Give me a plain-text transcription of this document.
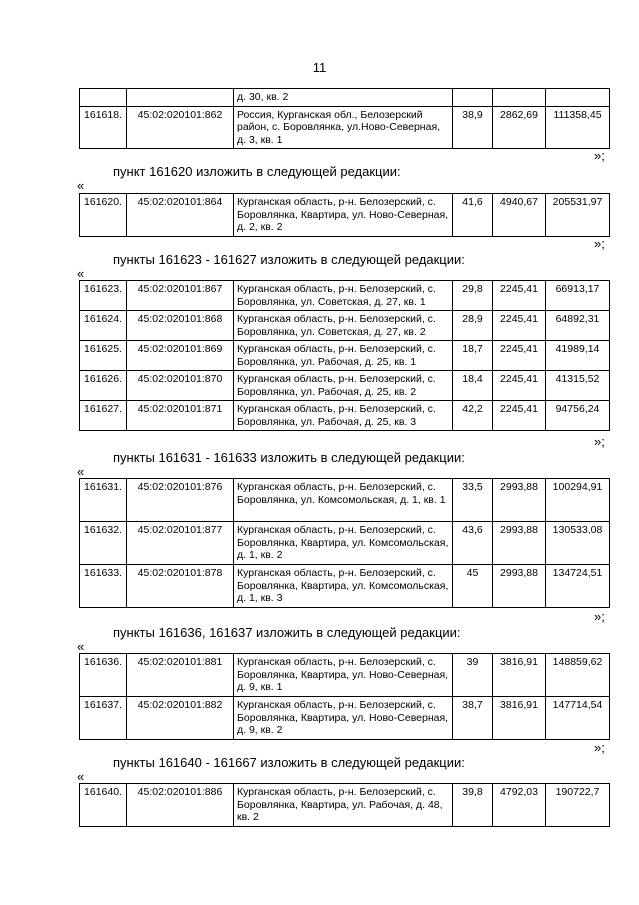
11
		д. 30, кв. 2			
161618.	45:02:020101:862	Россия, Курганская обл., Белозерский район, с. Боровлянка, ул.Ново-Северная, д. 3, кв. 1	38,9	2862,69	111358,45
»;
пункт 161620 изложить в следующей редакции:
«
161620.	45:02:020101:864	Курганская область, р-н. Белозерский, с. Боровлянка, Квартира, ул. Ново-Северная, д. 2, кв. 2	41,6	4940,67	205531,97
»;
пункты 161623 - 161627 изложить в следующей редакции:
«
161623.	45:02:020101:867	Курганская область, р-н. Белозерский, с. Боровлянка, ул. Советская, д. 27, кв. 1	29,8	2245,41	66913,17
161624.	45:02:020101:868	Курганская область, р-н. Белозерский, с. Боровлянка, ул. Советская, д. 27, кв. 2	28,9	2245,41	64892,31
161625.	45:02:020101:869	Курганская область, р-н. Белозерский, с. Боровлянка, ул. Рабочая, д. 25, кв. 1	18,7	2245,41	41989,14
161626.	45:02:020101:870	Курганская область, р-н. Белозерский, с. Боровлянка, ул. Рабочая, д. 25, кв. 2	18,4	2245,41	41315,52
161627.	45:02:020101:871	Курганская область, р-н. Белозерский, с. Боровлянка, ул. Рабочая, д. 25, кв. 3	42,2	2245,41	94756,24
»;
пункты 161631 - 161633 изложить в следующей редакции:
«
161631.	45:02:020101:876	Курганская область, р-н. Белозерский, с. Боровлянка, ул. Комсомольская, д. 1, кв. 1	33,5	2993,88	100294,91
161632.	45:02:020101:877	Курганская область, р-н. Белозерский, с. Боровлянка, Квартира, ул. Комсомольская, д. 1, кв. 2	43,6	2993,88	130533,08
161633.	45:02:020101:878	Курганская область, р-н. Белозерский, с. Боровлянка, Квартира, ул. Комсомольская, д. 1, кв. 3	45	2993,88	134724,51
»;
пункты 161636, 161637 изложить в следующей редакции:
«
161636.	45:02:020101:881	Курганская область, р-н. Белозерский, с. Боровлянка, Квартира, ул. Ново-Северная, д. 9, кв. 1	39	3816,91	148859,62
161637.	45:02:020101:882	Курганская область, р-н. Белозерский, с. Боровлянка, Квартира, ул. Ново-Северная, д. 9, кв. 2	38,7	3816,91	147714,54
»;
пункты 161640 - 161667 изложить в следующей редакции:
«
161640.	45:02:020101:886	Курганская область, р-н. Белозерский, с. Боровлянка, Квартира, ул. Рабочая, д. 48, кв. 2	39,8	4792,03	190722,7
